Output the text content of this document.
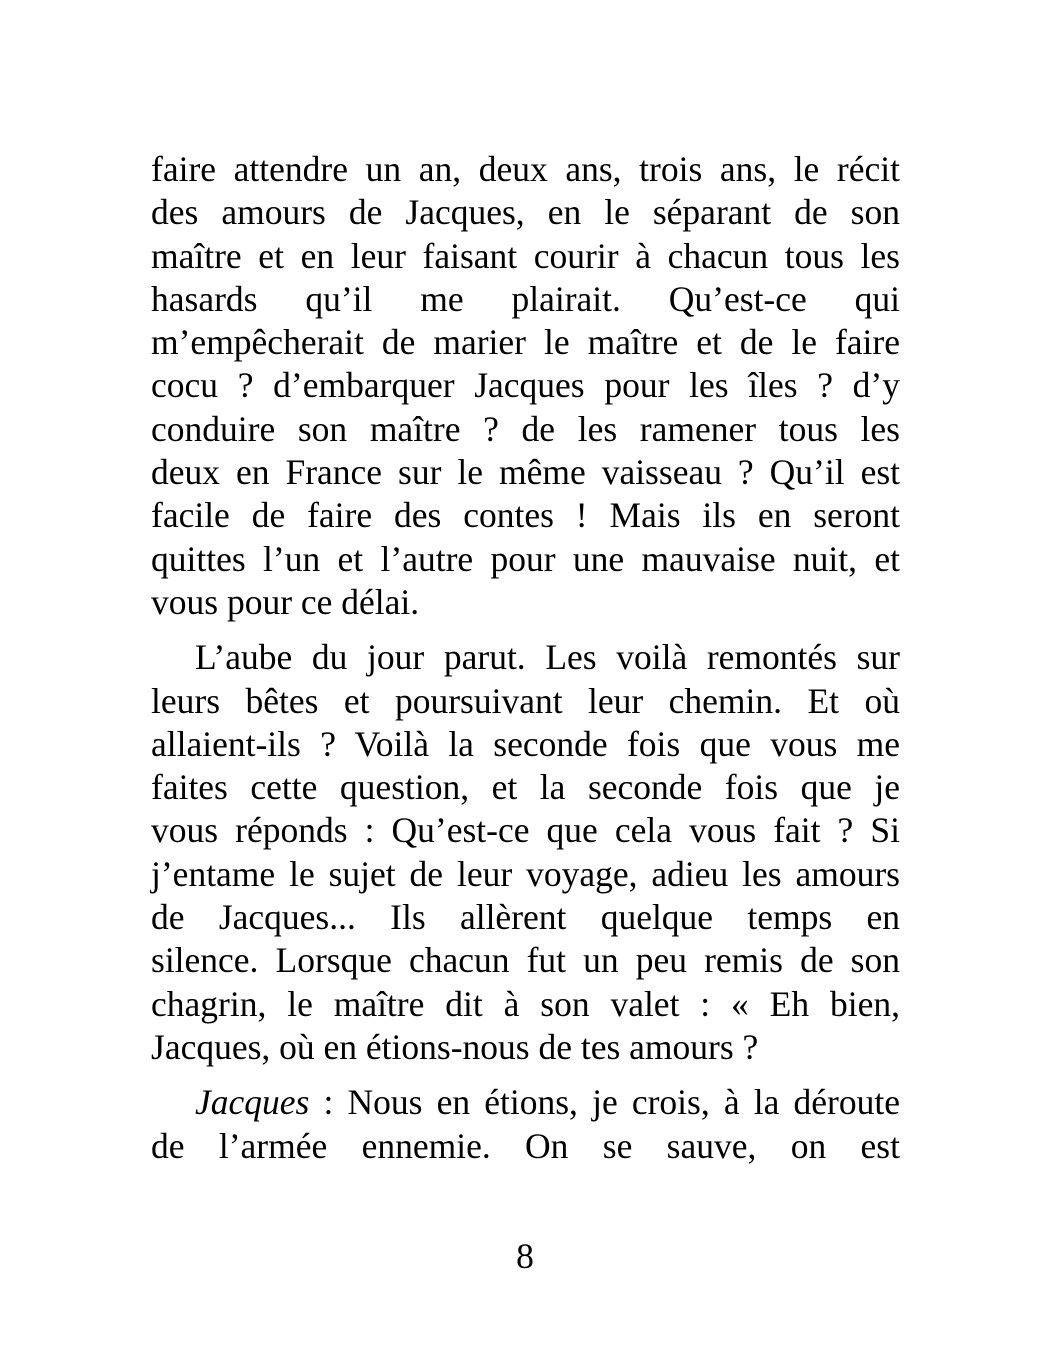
faire attendre un an, deux ans, trois ans, le récit
des amours de Jacques, en le séparant de son
maître et en leur faisant courir à chacun tous les
hasards qu’il me plairait. Qu’est-ce qui
m’empêcherait de marier le maître et de le faire
cocu ? d’embarquer Jacques pour les îles ? d’y
conduire son maître ? de les ramener tous les
deux en France sur le même vaisseau ? Qu’il est
facile de faire des contes ! Mais ils en seront
quittes l’un et l’autre pour une mauvaise nuit, et
vous pour ce délai.
L’aube du jour parut. Les voilà remontés sur
leurs bêtes et poursuivant leur chemin. Et où
allaient-ils ? Voilà la seconde fois que vous me
faites cette question, et la seconde fois que je
vous réponds : Qu’est-ce que cela vous fait ? Si
j’entame le sujet de leur voyage, adieu les amours
de Jacques... Ils allèrent quelque temps en
silence. Lorsque chacun fut un peu remis de son
chagrin, le maître dit à son valet : « Eh bien,
Jacques, où en étions-nous de tes amours ?
Jacques : Nous en étions, je crois, à la déroute
de l’armée ennemie. On se sauve, on est
8
